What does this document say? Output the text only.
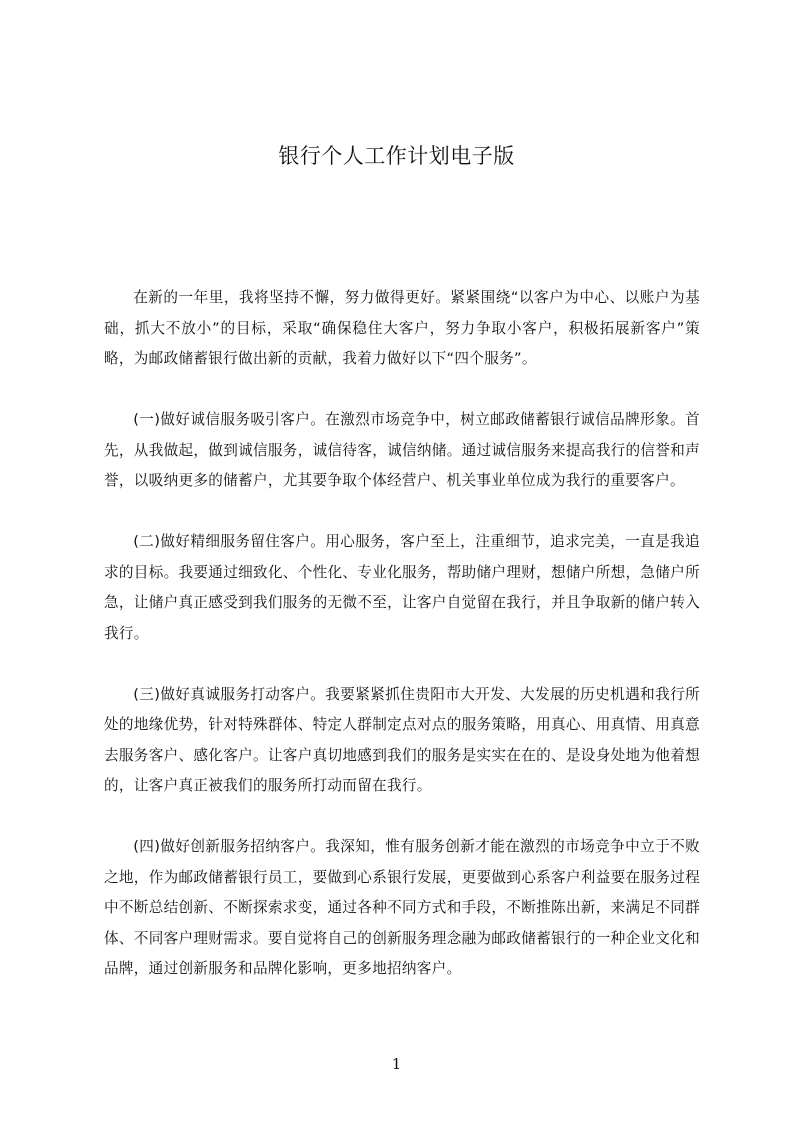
银行个人工作计划电子版

在新的一年里，我将坚持不懈，努力做得更好。紧紧围绕“以客户为中心、以账户为基础，抓大不放小”的目标，采取“确保稳住大客户，努力争取小客户，积极拓展新客户”策略，为邮政储蓄银行做出新的贡献，我着力做好以下“四个服务”。

(一)做好诚信服务吸引客户。在激烈市场竞争中，树立邮政储蓄银行诚信品牌形象。首先，从我做起，做到诚信服务，诚信待客，诚信纳储。通过诚信服务来提高我行的信誉和声誉，以吸纳更多的储蓄户，尤其要争取个体经营户、机关事业单位成为我行的重要客户。

(二)做好精细服务留住客户。用心服务，客户至上，注重细节，追求完美，一直是我追求的目标。我要通过细致化、个性化、专业化服务，帮助储户理财，想储户所想，急储户所急，让储户真正感受到我们服务的无微不至，让客户自觉留在我行，并且争取新的储户转入我行。

(三)做好真诚服务打动客户。我要紧紧抓住贵阳市大开发、大发展的历史机遇和我行所处的地缘优势，针对特殊群体、特定人群制定点对点的服务策略，用真心、用真情、用真意去服务客户、感化客户。让客户真切地感到我们的服务是实实在在的、是设身处地为他着想的，让客户真正被我们的服务所打动而留在我行。

(四)做好创新服务招纳客户。我深知，惟有服务创新才能在激烈的市场竞争中立于不败之地，作为邮政储蓄银行员工，要做到心系银行发展，更要做到心系客户利益要在服务过程中不断总结创新、不断探索求变，通过各种不同方式和手段，不断推陈出新，来满足不同群体、不同客户理财需求。要自觉将自己的创新服务理念融为邮政储蓄银行的一种企业文化和品牌，通过创新服务和品牌化影响，更多地招纳客户。

1
